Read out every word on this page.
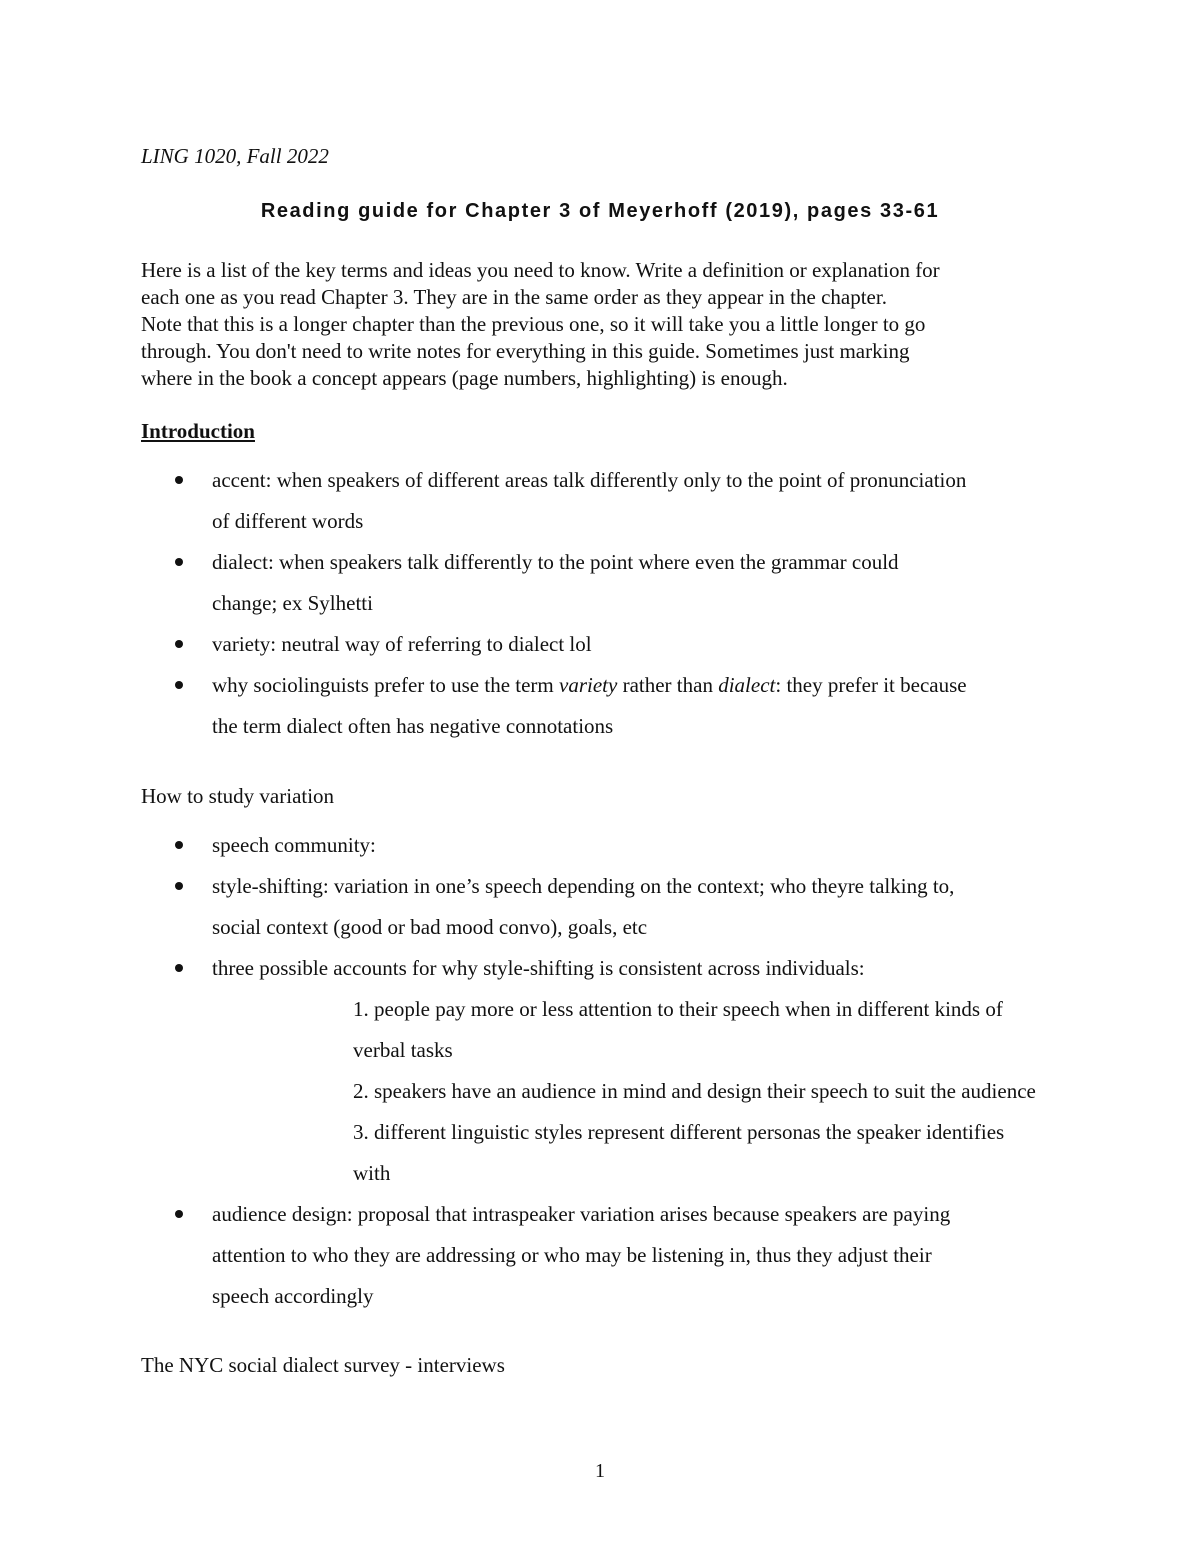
LING 1020, Fall 2022
Reading guide for Chapter 3 of Meyerhoff (2019), pages 33-61
Here is a list of the key terms and ideas you need to know. Write a definition or explanation for
each one as you read Chapter 3. They are in the same order as they appear in the chapter.
Note that this is a longer chapter than the previous one, so it will take you a little longer to go
through. You don't need to write notes for everything in this guide. Sometimes just marking
where in the book a concept appears (page numbers, highlighting) is enough.
Introduction
accent: when speakers of different areas talk differently only to the point of pronunciation
of different words
dialect: when speakers talk differently to the point where even the grammar could
change; ex Sylhetti
variety: neutral way of referring to dialect lol
why sociolinguists prefer to use the term variety rather than dialect: they prefer it because
the term dialect often has negative connotations
How to study variation
speech community:
style-shifting: variation in one’s speech depending on the context; who theyre talking to,
social context (good or bad mood convo), goals, etc
three possible accounts for why style-shifting is consistent across individuals:
1. people pay more or less attention to their speech when in different kinds of
verbal tasks
2. speakers have an audience in mind and design their speech to suit the audience
3. different linguistic styles represent different personas the speaker identifies
with
audience design: proposal that intraspeaker variation arises because speakers are paying
attention to who they are addressing or who may be listening in, thus they adjust their
speech accordingly
The NYC social dialect survey - interviews
1
